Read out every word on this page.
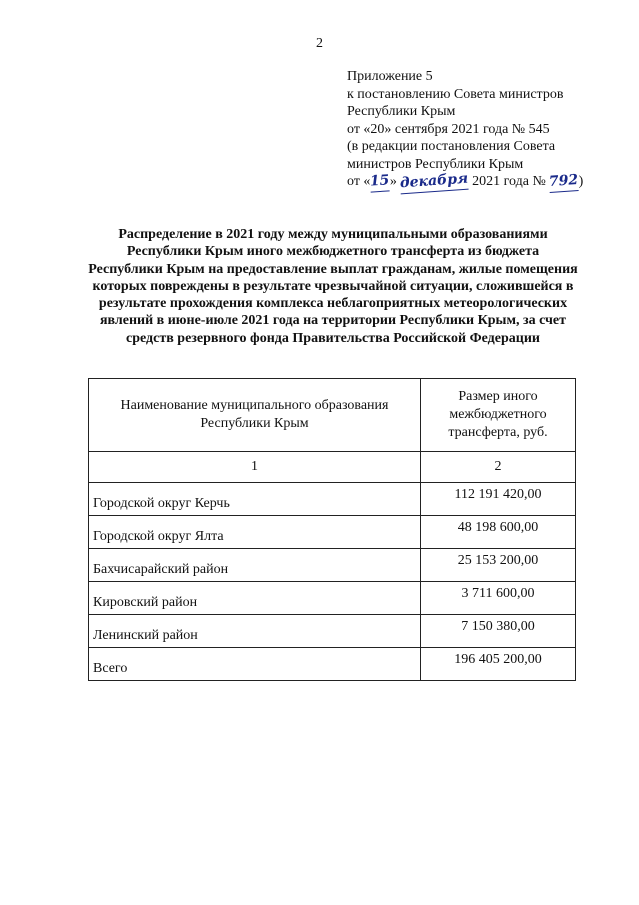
2
Приложение 5
к постановлению Совета министров
Республики Крым
от «20» сентября 2021 года № 545
(в редакции постановления Совета
министров Республики Крым
от «15» декабря 2021 года № 792)
Распределение в 2021 году между муниципальными образованиями Республики Крым иного межбюджетного трансферта из бюджета Республики Крым на предоставление выплат гражданам, жилые помещения которых повреждены в результате чрезвычайной ситуации, сложившейся в результате прохождения комплекса неблагоприятных метеорологических явлений в июне-июле 2021 года на территории Республики Крым, за счет средств резервного фонда Правительства Российской Федерации
Наименование муниципального образования Республики Крым	Размер иного межбюджетного трансферта, руб.
1	2
Городской округ Керчь	112 191 420,00
Городской округ Ялта	48 198 600,00
Бахчисарайский район	25 153 200,00
Кировский район	3 711 600,00
Ленинский район	7 150 380,00
Всего	196 405 200,00
